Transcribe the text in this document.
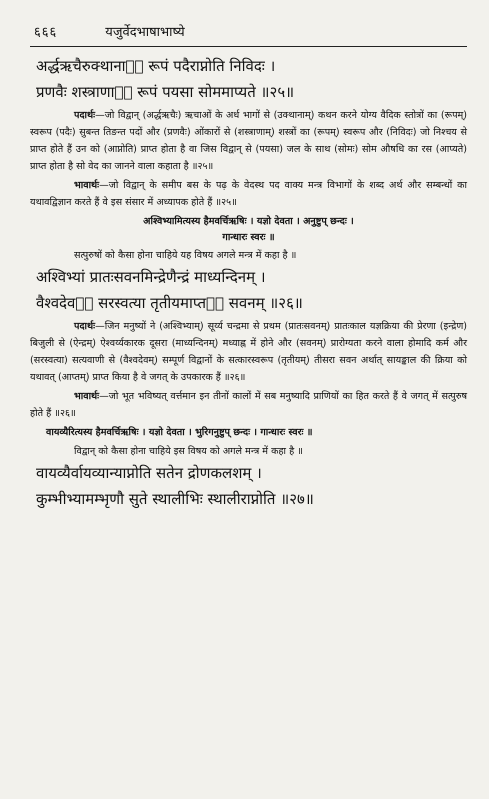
६६६	यजुर्वेदभाषाभाष्ये
अर्द्धऋचैरुक्थानाᳫं रूपं पदैराप्नोति निविदः ।
प्रणवैः शस्त्राणाᳫं रूपं पयसा सोममाप्यते ॥२५॥

पदार्थः—जो विद्वान् (अर्द्धऋचैः) ऋचाओं के अर्ध भागों से (उक्थानाम्) कथन करने योग्य वैदिक स्तोत्रों का (रूपम्) स्वरूप (पदैः) सुबन्त तिङन्त पदों और (प्रणवैः) ओंकारों से (शस्त्राणाम्) शस्त्रों का (रूपम्) स्वरूप और (निविदः) जो निश्चय से प्राप्त होते हैं उन को (आप्नोति) प्राप्त होता है वा जिस विद्वान् से (पयसा) जल के साथ (सोमः) सोम औषधि का रस (आप्यते) प्राप्त होता है सो वेद का जानने वाला कहाता है ॥२५॥

भावार्थः—जो विद्वान् के समीप बस के पढ़ के वेदस्थ पद वाक्य मन्त्र विभागों के शब्द अर्थ और सम्बन्धों का यथावद्विज्ञान करते हैं वे इस संसार में अध्यापक होते हैं ॥२५॥

अश्विभ्यामित्यस्य हैमवर्चिऋषिः । यज्ञो देवता । अनुष्टुप् छन्दः ।

गान्धारः स्वरः ॥

सत्पुरुषों को कैसा होना चाहिये यह विषय अगले मन्त्र में कहा है ॥

अश्विभ्यां प्रातःसवनमिन्द्रेणैन्द्रं माध्यन्दिनम् ।
वैश्वदेवᳫं सरस्वत्या तृतीयमाप्तᳫं सवनम् ॥२६॥

पदार्थः—जिन मनुष्यों ने (अश्विभ्याम्) सूर्य्य चन्द्रमा से प्रथम (प्रातःसवनम्) प्रातःकाल यज्ञक्रिया की प्रेरणा (इन्द्रेण) बिजुली से (ऐन्द्रम्) ऐश्वर्य्यकारक दूसरा (माध्यन्दिनम्) मध्याह्न में होने और (सवनम्) प्रारोग्यता करने वाला होमादि कर्म और (सरस्वत्या) सत्यवाणी से (वैश्वदेवम्) सम्पूर्ण विद्वानों के सत्कारस्वरूप (तृतीयम्) तीसरा सवन अर्थात् सायङ्काल की क्रिया को यथावत् (आप्तम्) प्राप्त किया है वे जगत् के उपकारक हैं ॥२६॥

भावार्थः—जो भूत भविष्यत् वर्त्तमान इन तीनों कालों में सब मनुष्यादि प्राणियों का हित करते हैं वे जगत् में सत्पुरुष होते हैं ॥२६॥

वायव्यैरित्यस्य हैमवर्चिऋषिः । यज्ञो देवता । भुरिगनुष्टुप् छन्दः । गान्धारः स्वरः ॥

विद्वान् को कैसा होना चाहिये इस विषय को अगले मन्त्र में कहा है ॥

वायव्यैर्वायव्यान्याप्नोति सतेन द्रोणकलशम् ।
कुम्भीभ्यामम्भृणौ सुते स्थालीभिः स्थालीराप्नोति ॥२७॥
